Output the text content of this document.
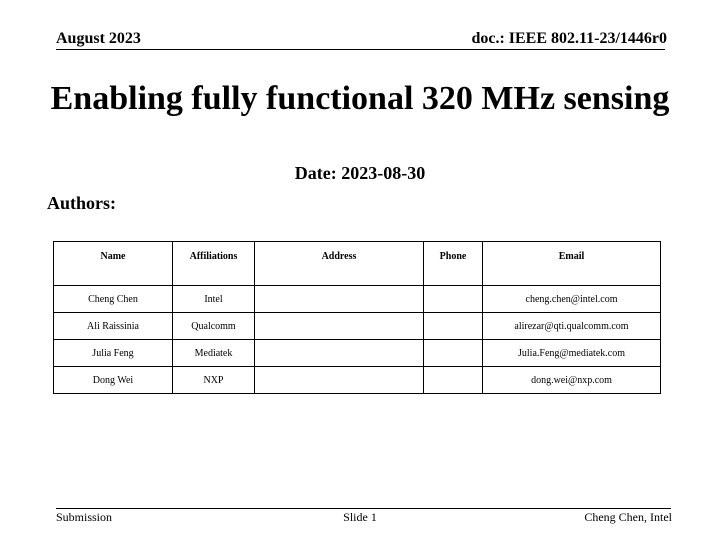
August 2023	doc.: IEEE 802.11-23/1446r0
Enabling fully functional 320 MHz sensing
Date: 2023-08-30
Authors:
Name	Affiliations	Address	Phone	Email
Cheng Chen	Intel			cheng.chen@intel.com
Ali Raissinia	Qualcomm			alirezar@qti.qualcomm.com
Julia Feng	Mediatek			Julia.Feng@mediatek.com
Dong Wei	NXP			dong.wei@nxp.com
Submission	Slide 1	Cheng Chen, Intel
